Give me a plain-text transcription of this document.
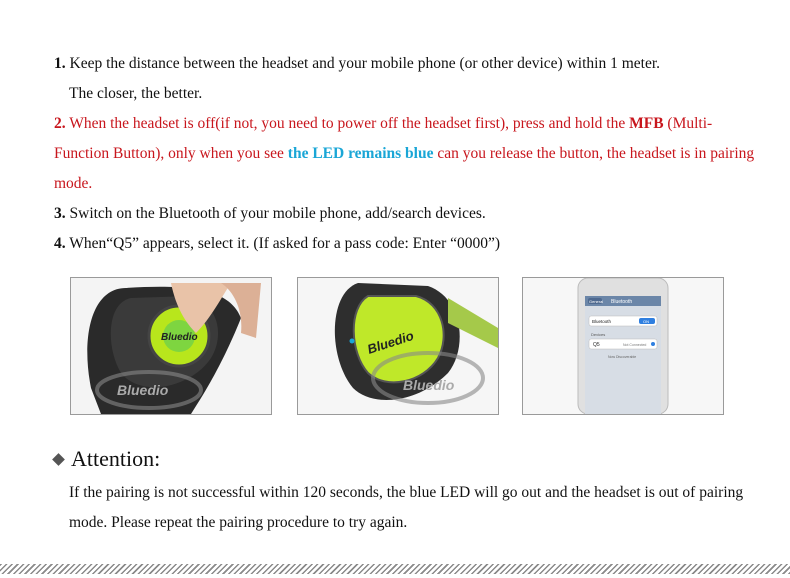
1. Keep the distance between the headset and your mobile phone (or other device) within 1 meter.
The closer, the better.

2. When the headset is off(if not, you need to power off the headset first), press and hold the MFB (Multi-Function Button), only when you see the LED remains blue can you release the button, the headset is in pairing mode.

3. Switch on the Bluetooth of your mobile phone, add/search devices.

4. When“Q5” appears, select it. (If asked for a pass code: Enter “0000”)

Bluedio
Bluedio
Bluedio
Bluedio
General Bluetooth
Bluetooth	ON
Devices
Q5	Not Connected
Now Discoverable
Attention:
If the pairing is not successful within 120 seconds, the blue LED will go out and the headset is out of pairing mode. Please repeat the pairing procedure to try again.
